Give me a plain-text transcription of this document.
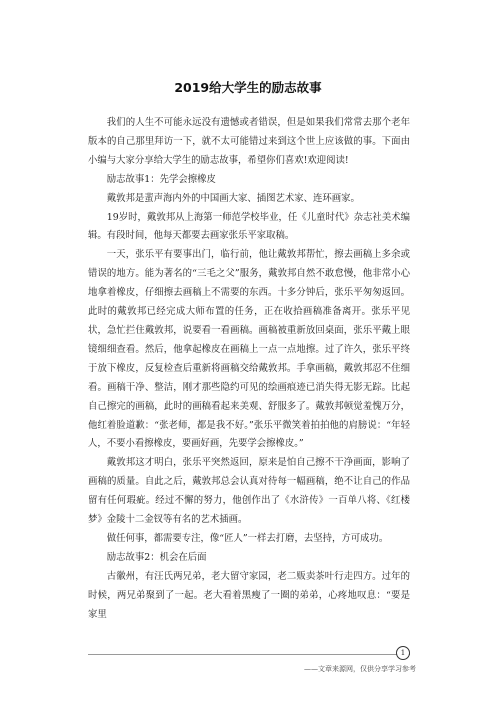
2019给大学生的励志故事

我们的人生不可能永远没有遗憾或者错误，但是如果我们常常去那个老年版本的自己那里拜访一下，就不太可能错过来到这个世上应该做的事。下面由小编与大家分享给大学生的励志故事，希望你们喜欢!欢迎阅读!

励志故事1：先学会擦橡皮

戴敦邦是蜚声海内外的中国画大家、插图艺术家、连环画家。

19岁时，戴敦邦从上海第一师范学校毕业，任《儿童时代》杂志社美术编辑。有段时间，他每天都要去画家张乐平家取稿。

一天，张乐平有要事出门，临行前，他让戴敦邦帮忙，擦去画稿上多余或错误的地方。能为著名的“三毛之父”服务，戴敦邦自然不敢怠慢，他非常小心地拿着橡皮，仔细擦去画稿上不需要的东西。十多分钟后，张乐平匆匆返回。此时的戴敦邦已经完成大师布置的任务，正在收拾画稿准备离开。张乐平见状，急忙拦住戴敦邦，说要看一看画稿。画稿被重新放回桌面，张乐平戴上眼镜细细查看。然后，他拿起橡皮在画稿上一点一点地擦。过了许久，张乐平终于放下橡皮，反复检查后重新将画稿交给戴敦邦。手拿画稿，戴敦邦忍不住细看。画稿干净、整洁，刚才那些隐约可见的绘画痕迹已消失得无影无踪。比起自己擦完的画稿，此时的画稿看起来美观、舒服多了。戴敦邦顿觉羞愧万分，他红着脸道歉：“张老师，都是我不好。”张乐平微笑着拍拍他的肩膀说：“年轻人，不要小看擦橡皮，要画好画，先要学会擦橡皮。”

戴敦邦这才明白，张乐平突然返回，原来是怕自己擦不干净画面，影响了画稿的质量。自此之后，戴敦邦总会认真对待每一幅画稿，绝不让自己的作品留有任何瑕疵。经过不懈的努力，他创作出了《水浒传》一百单八将、《红楼梦》金陵十二金钗等有名的艺术插画。

做任何事，都需要专注，像“匠人”一样去打磨，去坚持，方可成功。

励志故事2：机会在后面

古徽州，有汪氏两兄弟，老大留守家园，老二贩卖茶叶行走四方。过年的时候，两兄弟聚到了一起。老大看着黑瘦了一圈的弟弟，心疼地叹息：“要是家里

1
——文章来源网，仅供分享学习参考
